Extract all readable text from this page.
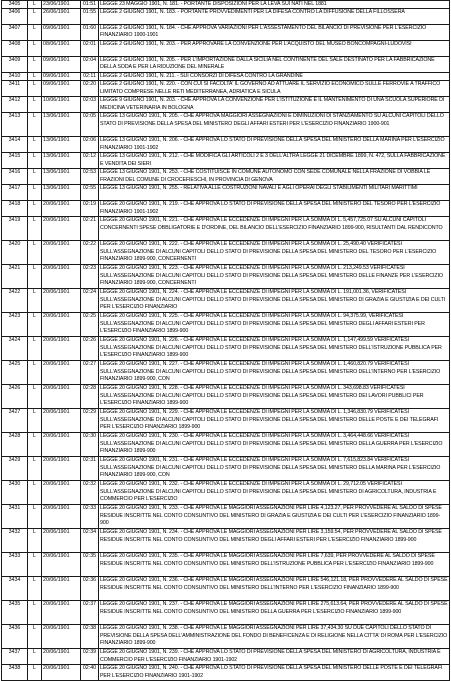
3405	L	23/06/1901	01:51	LEGGE 23 MAGGIO 1901, N. 181. - PORTANTE DISPOSIZIONI PER LA LEVA SUI NATI NEL 1881

3406	L	26/06/1901	01:55	LEGGE 2 GIUGNO 1901, N. 183. - PORTANTE PROVVEDIMENTI PER LA DIFESA CONTRO LA DIFFUSIONE DELLA FILLOSSERA

3407	L	09/06/1901	01:60	LEGGE 2 GIUGNO 1901, N. 184. - CHE APPROVA VARIAZIONI PER L'ASSESTAMENTO DEL BILANCIO DI PREVISIONE PER L'ESERCIZIO FINANZIARIO 1900-1901

3408	L	08/06/1901	02:01	LEGGE 2 GIUGNO 1901, N. 203. - PER APPROVARE LA CONVENZIONE PER L'ACQUISTO DEL MUSEO BONCOMPAGNI-LUDOVISI

3409	L	09/06/1901	02:04	LEGGE 2 GIUGNO 1901, N. 205. - PER L'IMPORTAZIONE DALLA SICILIA NEL CONTINENTE DEL SALE DESTINATO PER LA FABBRICAZIONE DELLA SODA E PER LA RIDUZIONE DEL MINERALE

3410	L	09/06/1901	02:11	LEGGE 2 GIUGNO 1901, N. 211. - SUI CONSORZI DI DIFESA CONTRO LA GRANDINE

3411	L	09/06/1901	02:20	LEGGE 2 GIUGNO 1901, N. 220. - CON CUI SI FACOLTA' IL GOVERNO AD ATTUARE IL SERVIZIO ECONOMICO SULLE FERROVIE A TRAFFICO LIMITATO COMPRESE NELLE RETI MEDITERRANEA, ADRIATICA E SICULA

3412	L	10/06/1901	02:03	LEGGE 9 GIUGNO 1901, N. 203. - CHE APPROVA LA CONVENZIONE PER L'ISTITUZIONE E IL MANTENIMENTO DI UNA SCUOLA SUPERIORE DI MEDICINA VETERINARIA IN BOLOGNA

3413	L	13/06/1901	02:05	LEGGE 13 GIUGNO 1901, N. 205. - CHE APPROVA MAGGIORI ASSEGNAZIONI E DIMINUZIONI DI STANZIAMENTO SU ALCUNI CAPITOLI DELLO STATO DI PREVISIONE DELLA SPESA DEL MINISTERO DEGLI AFFARI ESTERI PER L'ESERCIZIO FINANZIARIO 1900-901

3414	L	13/06/1901	02:06	LEGGE 13 GIUGNO 1901, N. 206. - CHE APPROVA LO STATO DI PREVISIONE DELLA SPESA DEL MINISTERO DELLA MARINA PER L'ESERCIZIO FINANZIARIO 1901-1902

3415	L	13/06/1901	02:12	LEGGE 13 GIUGNO 1901, N. 212. - CHE MODIFICA GLI ARTICOLI 2 E 3 DELL'ALTRA LEGGE 21 DICEMBRE 1899, N. 472, SULLA FABBRICAZIONE E VENDITA DEI SIERI

3416	L	13/06/1901	02:53	LEGGE 13 GIUGNO 1901, N. 253. - CHE COSTITUISCE IN COMUNE AUTONOMO CON SEDE COMUNALE NELLA FRAZIONE DI VOBBIA LE FRAZIONI DEL COMUNE DI CROCEFIESCHI, IN PROVINCIA DI GENOVA

3417	L	13/06/1901	02:55	LEGGE 13 GIUGNO 1901, N. 255. - RELATIVA ALLE COSTRUZIONI NAVALI E AGLI OPERAI DEGLI STABILIMENTI MILITARI MARITTIMI

3418	L	20/06/1901	02:19	LEGGE 20 GIUGNO 1901, N. 219. - CHE APPROVA LO STATO DI PREVISIONE DELLA SPESA DEL MINISTERO DEL TESORO PER L'ESERCIZIO FINANZIARIO 1901-1902

3419	L	20/06/1901	02:21	LEGGE 20 GIUGNO 1901, N. 221. - CHE APPROVA LE ECCEDENZE DI IMPEGNI PER LA SOMMA DI L. 5,457,725.07 SU ALCUNI CAPITOLI CONCERNENTI SPESE OBBLIGATORIE E D'ORDINE, DEL BILANCIO DELL'ESERCIZIO FINANZIARIO 1899-900, RISULTANTI DAL RENDICONTO

3420	L	20/06/1901	02:22	LEGGE 20 GIUGNO 1901, N. 222. - CHE APPROVA LE ECCEDENZE DI IMPEGNI PER LA SOMMA DI L. 25,490.40 VERIFICATESI SULL'ASSEGNAZIONE DI ALCUNI CAPITOLI DELLO STATO DI PREVISIONE DELLA SPESA DEL MINISTERO DEL TESORO PER L'ESERCIZIO FINANZIARIO 1899-900, CONCERNENTI

3421	L	20/06/1901	02:23	LEGGE 20 GIUGNO 1901, N. 223. - CHE APPROVA LE ECCEDENZE DI IMPEGNI PER LA SOMMA DI L. 213,249.53 VERIFICATESI SULL'ASSEGNAZIONE DI ALCUNI CAPITOLI DELLO STATO DI PREVISIONE DELLA SPESA DEL MINISTERO DELLE FINANZE PER L'ESERCIZIO FINANZIARIO 1899-900, CONCERNENTI

3422	L	20/06/1901	02:24	LEGGE 20 GIUGNO 1901, N. 224. - CHE APPROVA LE ECCEDENZE DI IMPEGNI PER LA SOMMA DI L. 191,001.36, VERIFICATESI SULL'ASSEGNAZIONE DI ALCUNI CAPITOLI DELLO STATO DI PREVISIONE DELLA SPESA DEL MINISTERO DI GRAZIA E GIUSTIZIA E DEI CULTI PER L'ESERCIZIO FINANZIARIO

3423	L	20/06/1901	02:25	LEGGE 20 GIUGNO 1901, N. 225. - CHE APPROVA LE ECCEDENZE DI IMPEGNI PER LA SOMMA DI L. 94,375.99, VERIFICATESI SULL'ASSEGNAZIONE DI ALCUNI CAPITOLI DELLO STATO DI PREVISIONE DELLA SPESA DEL MINISTERO DEGLI AFFARI ESTERI PER L'ESERCIZIO FINANZIARIO 1899-900

3424	L	20/06/1901	02:26	LEGGE 20 GIUGNO 1901, N. 226. - CHE APPROVA LE ECCEDENZE DI IMPEGNI PER LA SOMMA DI L. 1,147,499.59 VERIFICATESI SULL'ASSEGNAZIONE DI ALCUNI CAPITOLI DELLO STATO DI PREVISIONE DELLA SPESA DEL MINISTERO DELL'ISTRUZIONE PUBBLICA PER L'ESERCIZIO FINANZIARIO 1899-900

3425	L	20/06/1901	02:27	LEGGE 20 GIUGNO 1901, N. 227. - CHE APPROVA LE ECCEDENZE DI IMPEGNI PER LA SOMMA DI L. 1,460,820.79 VERIFICATESI SULL'ASSEGNAZIONE DI ALCUNI CAPITOLI DELLO STATO DI PREVISIONE DELLA SPESA DEL MINISTERO DELL'INTERNO PER L'ESERCIZIO FINANZIARIO 1899-900, CON

3426	L	20/06/1901	02:28	LEGGE 20 GIUGNO 1901, N. 228. - CHE APPROVA LE ECCEDENZE DI IMPEGNI PER LA SOMMA DI L. 343,698.83 VERIFICATESI SULL'ASSEGNAZIONE DI ALCUNI CAPITOLI DELLO STATO DI PREVISIONE DELLA SPESA DEL MINISTERO DEI LAVORI PUBBLICI PER L'ESERCIZIO FINANZIARIO 1899-900

3427	L	20/06/1901	02:29	LEGGE 20 GIUGNO 1901, N. 229. - CHE APPROVA LE ECCEDENZE DI IMPEGNI PER LA SOMMA DI L. 1,346,830.79 VERIFICATESI SULL'ASSEGNAZIONE DI ALCUNI CAPITOLI DELLO STATO DI PREVISIONE DELLA SPESA DEL MINISTERO DELLE POSTE E DEI TELEGRAFI PER L'ESERCIZIO FINANZIARIO 1899-900

3428	L	20/06/1901	02:30	LEGGE 20 GIUGNO 1901, N. 230. - CHE APPROVA LE ECCEDENZE DI IMPEGNI PER LA SOMMA DI L. 3,464,448.66 VERIFICATESI SULL'ASSEGNAZIONE DI ALCUNI CAPITOLI DELLO STATO DI PREVISIONE DELLA SPESA DEL MINISTERO DELLA GUERRA PER L'ESERCIZIO FINANZIARIO 1899-900

3429	L	20/06/1901	02:31	LEGGE 20 GIUGNO 1901, N. 231. - CHE APPROVA LE ECCEDENZE DI IMPEGNI PER LA SOMMA DI L. 7,615,823.84 VERIFICATESI SULL'ASSEGNAZIONE DI ALCUNI CAPITOLI DELLO STATO DI PREVISIONE DELLA SPESA DEL MINISTERO DELLA MARINA PER L'ESERCIZIO FINANZIARIO 1899-900, CON

3430	L	20/06/1901	02:32	LEGGE 20 GIUGNO 1901, N. 232. - CHE APPROVA LE ECCEDENZE DI IMPEGNI PER LA SOMMA DI L. 29,712.05 VERIFICATESI SULL'ASSEGNAZIONE DI ALCUNI CAPITOLI DELLO STATO DI PREVISIONE DELLA SPESA DEL MINISTERO DI AGRICOLTURA, INDUSTRIA E COMMERCIO PER L'ESERCIZIO

3431	L	20/06/1901	02:33	LEGGE 20 GIUGNO 1901, N. 233. - CHE APPROVA LE MAGGIORI ASSEGNAZIONI PER LIRE 4,123.27, PER PROVVEDERE AL SALDO DI SPESE RESIDUE INSCRITTE NEL CONTO CONSUNTIVO DEL MINISTERO DI GRAZIA E GIUSTIZIA E DEI CULTI PER L'ESERCIZIO FINANZIARIO 1899-900

3432	L	20/06/1901	02:34	LEGGE 20 GIUGNO 1901, N. 234. - CHE APPROVA LE MAGGIORI ASSEGNAZIONI PER LIRE 3,159.54, PER PROVVEDERE AL SALDO DI SPESE RESIDUE INSCRITTE NEL CONTO CONSUNTIVO DEL MINISTERO DEGLI AFFARI ESTERI PER L'ESERCIZIO FINANZIARIO 1899-900

3433	L	20/06/1901	02:35	LEGGE 20 GIUGNO 1901, N. 235. - CHE APPROVA LE MAGGIORI ASSEGNAZIONI PER LIRE 7,639, PER PROVVEDERE AL SALDO DI SPESE RESIDUE INSCRITTE NEL CONTO CONSUNTIVO DEL MINISTERO DELL'ISTRUZIONE PUBBLICA PER L'ESERCIZIO FINANZIARIO 1899-900

3434	L	20/06/1901	02:36	LEGGE 20 GIUGNO 1901, N. 236. - CHE APPROVA LE MAGGIORI ASSEGNAZIONI PER LIRE 546,121.18, PER PROVVEDERE AL SALDO DI SPESE RESIDUE INSCRITTE NEL CONTO CONSUNTIVO DEL MINISTERO DELL'INTERNO PER L'ESERCIZIO FINANZIARIO 1899-900

3435	L	20/06/1901	02:37	LEGGE 20 GIUGNO 1901, N. 237. - CHE APPROVA LE MAGGIORI ASSEGNAZIONI PER LIRE 275,613.64, PER PROVVEDERE AL SALDO DI SPESE RESIDUE INSCRITTE NEL CONTO CONSUNTIVO DEL MINISTERO DELLA GUERRA PER L'ESERCIZIO FINANZIARIO 1899-900

3436	L	20/06/1901	02:38	LEGGE 20 GIUGNO 1901, N. 238. - CHE APPROVA LE MAGGIORI ASSEGNAZIONI PER LIRE 37,434.30 SU DUE CAPITOLI DELLO STATO DI PREVISIONE DELLA SPESA DELL'AMMINISTRAZIONE DEL FONDO DI BENEFICENZA E DI RELIGIONE NELLA CITTA' DI ROMA PER L'ESERCIZIO FINANZIARIO 1899-900

3437	L	20/06/1901	02:39	LEGGE 20 GIUGNO 1901, N. 239. - CHE APPROVA LO STATO DI PREVISIONE DELLA SPESA DEL MINISTERO DI AGRICOLTURA, INDUSTRIA E COMMERCIO PER L'ESERCIZIO FINANZIARIO 1901-1902

3438	L	20/06/1901	02:40	LEGGE 20 GIUGNO 1901, N. 240. - CHE APPROVA LO STATO DI PREVISIONE DELLA SPESA DEL MINISTERO DELLE POSTE E DEI TELEGRAFI PER L'ESERCIZIO FINANZIARIO 1901-1902
